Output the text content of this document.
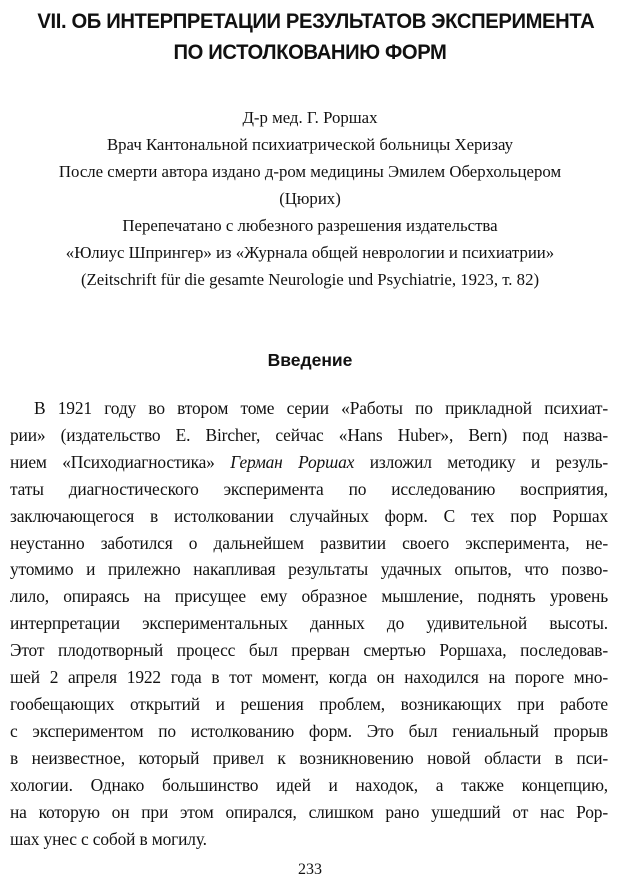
VII. ОБ ИНТЕРПРЕТАЦИИ РЕЗУЛЬТАТОВ ЭКСПЕРИМЕНТА
ПО ИСТОЛКОВАНИЮ ФОРМ
Д-р мед. Г. Роршах
Врач Кантональной психиатрической больницы Херизау
После смерти автора издано д-ром медицины Эмилем Оберхольцером
(Цюрих)
Перепечатано с любезного разрешения издательства
«Юлиус Шпрингер» из «Журнала общей неврологии и психиатрии»
(Zeitschrift für die gesamte Neurologie und Psychiatrie, 1923, т. 82)
Введение
В 1921 году во втором томе серии «Работы по прикладной психиат-
рии» (издательство E. Bircher, сейчас «Hans Huber», Bern) под назва-
нием «Психодиагностика» Герман Роршах изложил методику и резуль-
таты диагностического эксперимента по исследованию восприятия,
заключающегося в истолковании случайных форм. С тех пор Роршах
неустанно заботился о дальнейшем развитии своего эксперимента, не-
утомимо и прилежно накапливая результаты удачных опытов, что позво-
лило, опираясь на присущее ему образное мышление, поднять уровень
интерпретации экспериментальных данных до удивительной высоты.
Этот плодотворный процесс был прерван смертью Роршаха, последовав-
шей 2 апреля 1922 года в тот момент, когда он находился на пороге мно-
гообещающих открытий и решения проблем, возникающих при работе
с экспериментом по истолкованию форм. Это был гениальный прорыв
в неизвестное, который привел к возникновению новой области в пси-
хологии. Однако большинство идей и находок, а также концепцию,
на которую он при этом опирался, слишком рано ушедший от нас Рор-
шах унес с собой в могилу.
233
